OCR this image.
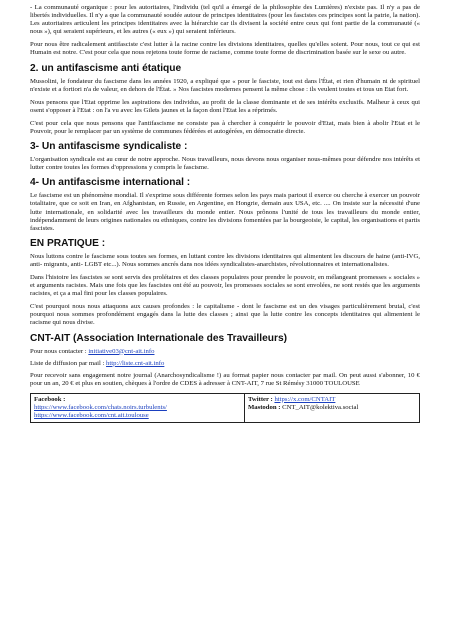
- La communauté organique : pour les autoritaires, l'individu (tel qu'il a émergé de la philosophie des Lumières) n'existe pas. Il n'y a pas de libertés individuelles. Il n'y a que la communauté soudée autour de principes identitaires (pour les fascistes ces principes sont la patrie, la nation). Les autoritaires articulent les principes identitaires avec la hiérarchie car ils divisent la société entre ceux qui font partie de la communauté (« nous »), qui seraient supérieurs, et les autres (« eux ») qui seraient inférieurs.

Pour nous être radicalement antifasciste c'est lutter à la racine contre les divisions identitaires, quelles qu'elles soient. Pour nous, tout ce qui est Humain est notre. C'est pour cela que nous rejetons toute forme de racisme, comme toute forme de discrimination basée sur le sexe ou autre.

2. un antifascisme anti étatique

Mussolini, le fondateur du fascisme dans les années 1920, a expliqué que « pour le fasciste, tout est dans l'État, et rien d'humain ni de spirituel n'existe et a fortiori n'a de valeur, en dehors de l'État. » Nos fascistes modernes pensent la même chose : ils veulent toutes et tous un Etat fort.

Nous pensons que l'Etat opprime les aspirations des individus, au profit de la classe dominante et de ses intérêts exclusifs. Malheur à ceux qui osent s'opposer à l'Etat : on l'a vu avec les Gilets jaunes et la façon dont l'Etat les a réprimés.

C'est pour cela que nous pensons que l'antifascisme ne consiste pas à chercher à conquérir le pouvoir d'Etat, mais bien à abolir l'Etat et le Pouvoir, pour le remplacer par un système de communes fédérées et autogérées, en démocratie directe.

3- Un antifascisme syndicaliste :

L'organisation syndicale est au cœur de notre approche. Nous travailleurs, nous devons nous organiser nous-mêmes pour défendre nos intérêts et lutter contre toutes les formes d'oppressions y compris le fascisme.

4- Un antifascisme international :

Le fascisme est un phénomène mondial. Il s'exprime sous différente formes selon les pays mais partout il exerce ou cherche à exercer un pouvoir totalitaire, que ce soit en Iran, en Afghanistan, en Russie, en Argentine, en Hongrie, demain aux USA, etc. .... On insiste sur la nécessité d'une lutte internationale, en solidarité avec les travailleurs du monde entier. Nous prônons l'unité de tous les travailleurs du monde entier, indépendamment de leurs origines nationales ou ethniques, contre les divisions fomentées par la bourgeoisie, le capital, les organisations et partis fascistes.

EN PRATIQUE :

Nous luttons contre le fascisme sous toutes ses formes, en luttant contre les divisions identitaires qui alimentent les discours de haine (anti-IVG, anti- migrants, anti- LGBT etc...). Nous sommes ancrés dans nos idées syndicalistes-anarchistes, révolutionnaires et internationalistes.

Dans l'histoire les fascistes se sont servis des prolétaires et des classes populaires pour prendre le pouvoir, en mélangeant promesses « sociales » et arguments racistes. Mais une fois que les fascistes ont été au pouvoir, les promesses sociales se sont envolées, ne sont restés que les arguments racistes, et ça a mal fini pour les classes populaires.

C'est pourquoi nous nous attaquons aux causes profondes : le capitalisme - dont le fascisme est un des visages particulièrement brutal, c'est pourquoi nous sommes profondément engagés dans la lutte des classes ; ainsi que la lutte contre les concepts identitaires qui alimentent le racisme qui nous divise.

CNT-AIT (Association Internationale des Travailleurs)
Pour nous contacter : initiative03@cnt-ait.info
Liste de diffusion par mail : http://liste.cnt-ait.info

Pour recevoir sans engagement notre journal (Anarchosyndicalisme !) au format papier nous contacter par mail. On peut aussi s'abonner, 10 € pour un an, 20 € et plus en soutien, chèques à l'ordre de CDES à adresser à CNT-AIT, 7 rue St Rémésy 31000 TOULOUSE

Facebook :
https://www.facebook.com/chats.noirs.turbulents/
https://www.facebook.com/cnt.ait.toulouse

Twitter : https://x.com/CNTAIT
Mastodon : CNT_AIT@kolektiva.social
